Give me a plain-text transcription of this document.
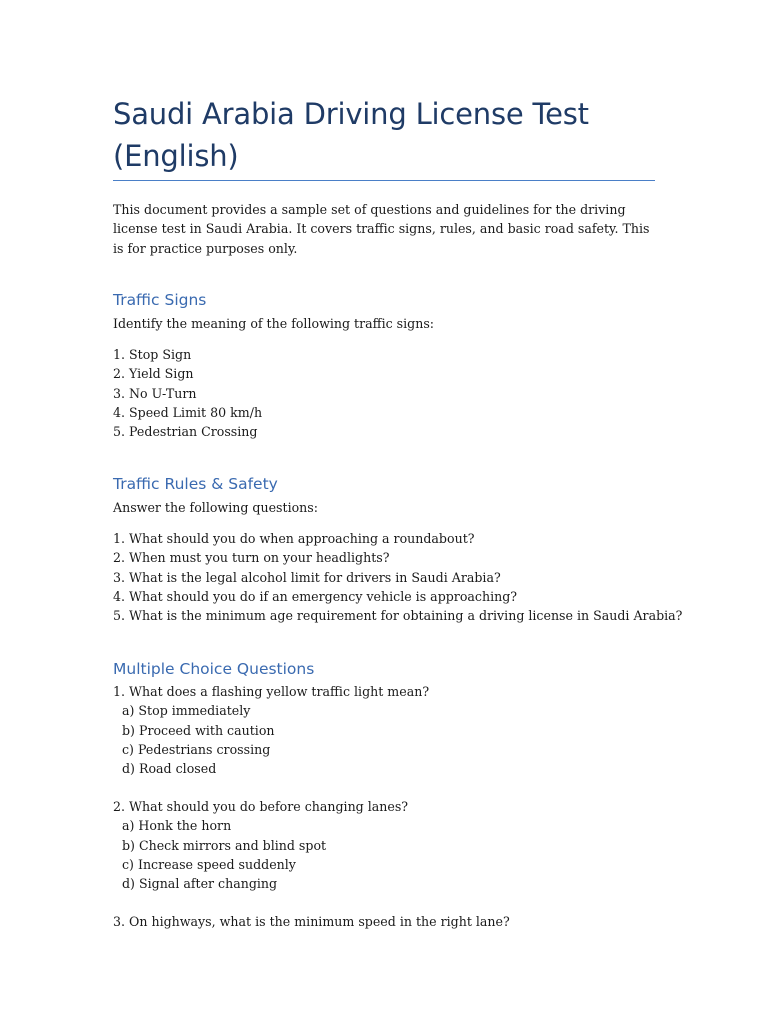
Saudi Arabia Driving License Test (English)
This document provides a sample set of questions and guidelines for the driving license test in Saudi Arabia. It covers traffic signs, rules, and basic road safety. This is for practice purposes only.
Traffic Signs
Identify the meaning of the following traffic signs:
1. Stop Sign
2. Yield Sign
3. No U-Turn
4. Speed Limit 80 km/h
5. Pedestrian Crossing
Traffic Rules & Safety
Answer the following questions:
1. What should you do when approaching a roundabout?
2. When must you turn on your headlights?
3. What is the legal alcohol limit for drivers in Saudi Arabia?
4. What should you do if an emergency vehicle is approaching?
5. What is the minimum age requirement for obtaining a driving license in Saudi Arabia?
Multiple Choice Questions
1. What does a flashing yellow traffic light mean?
a) Stop immediately
b) Proceed with caution
c) Pedestrians crossing
d) Road closed
2. What should you do before changing lanes?
a) Honk the horn
b) Check mirrors and blind spot
c) Increase speed suddenly
d) Signal after changing
3. On highways, what is the minimum speed in the right lane?
